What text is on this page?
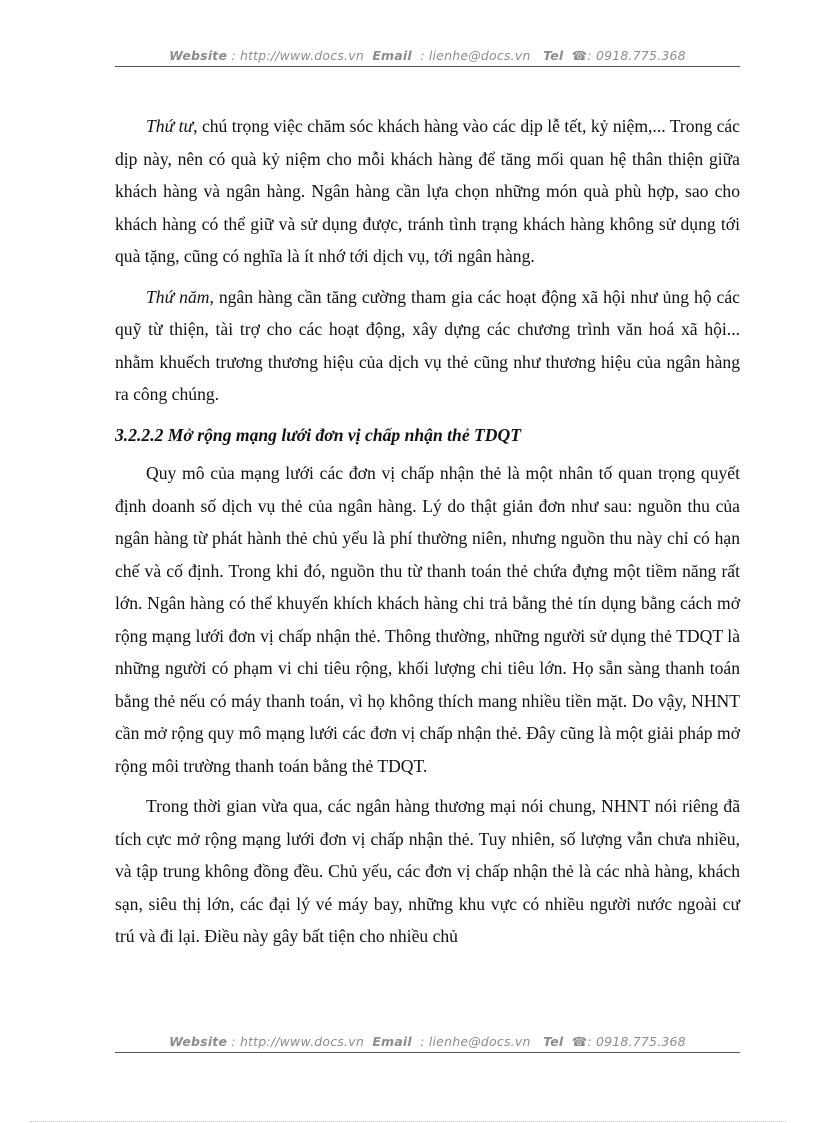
Website : http://www.docs.vn Email : lienhe@docs.vn Tel ☎: 0918.775.368

Thứ tư, chú trọng việc chăm sóc khách hàng vào các dịp lễ tết, kỷ niệm,... Trong các dịp này, nên có quà kỷ niệm cho mỗi khách hàng để tăng mối quan hệ thân thiện giữa khách hàng và ngân hàng. Ngân hàng cần lựa chọn những món quà phù hợp, sao cho khách hàng có thể giữ và sử dụng được, tránh tình trạng khách hàng không sử dụng tới quà tặng, cũng có nghĩa là ít nhớ tới dịch vụ, tới ngân hàng.

Thứ năm, ngân hàng cần tăng cường tham gia các hoạt động xã hội như ủng hộ các quỹ từ thiện, tài trợ cho các hoạt động, xây dựng các chương trình văn hoá xã hội... nhằm khuếch trương thương hiệu của dịch vụ thẻ cũng như thương hiệu của ngân hàng ra công chúng.

3.2.2.2 Mở rộng mạng lưới đơn vị chấp nhận thẻ TDQT

Quy mô của mạng lưới các đơn vị chấp nhận thẻ là một nhân tố quan trọng quyết định doanh số dịch vụ thẻ của ngân hàng. Lý do thật giản đơn như sau: nguồn thu của ngân hàng từ phát hành thẻ chủ yếu là phí thường niên, nhưng nguồn thu này chỉ có hạn chế và cố định. Trong khi đó, nguồn thu từ thanh toán thẻ chứa đựng một tiềm năng rất lớn. Ngân hàng có thể khuyến khích khách hàng chi trả bằng thẻ tín dụng bằng cách mở rộng mạng lưới đơn vị chấp nhận thẻ. Thông thường, những người sử dụng thẻ TDQT là những người có phạm vi chi tiêu rộng, khối lượng chi tiêu lớn. Họ sẵn sàng thanh toán bằng thẻ nếu có máy thanh toán, vì họ không thích mang nhiều tiền mặt. Do vậy, NHNT cần mở rộng quy mô mạng lưới các đơn vị chấp nhận thẻ. Đây cũng là một giải pháp mở rộng môi trường thanh toán bằng thẻ TDQT.

Trong thời gian vừa qua, các ngân hàng thương mại nói chung, NHNT nói riêng đã tích cực mở rộng mạng lưới đơn vị chấp nhận thẻ. Tuy nhiên, số lượng vẫn chưa nhiều, và tập trung không đồng đều. Chủ yếu, các đơn vị chấp nhận thẻ là các nhà hàng, khách sạn, siêu thị lớn, các đại lý vé máy bay, những khu vực có nhiều người nước ngoài cư trú và đi lại. Điều này gây bất tiện cho nhiều chủ

Website : http://www.docs.vn Email : lienhe@docs.vn Tel ☎: 0918.775.368
